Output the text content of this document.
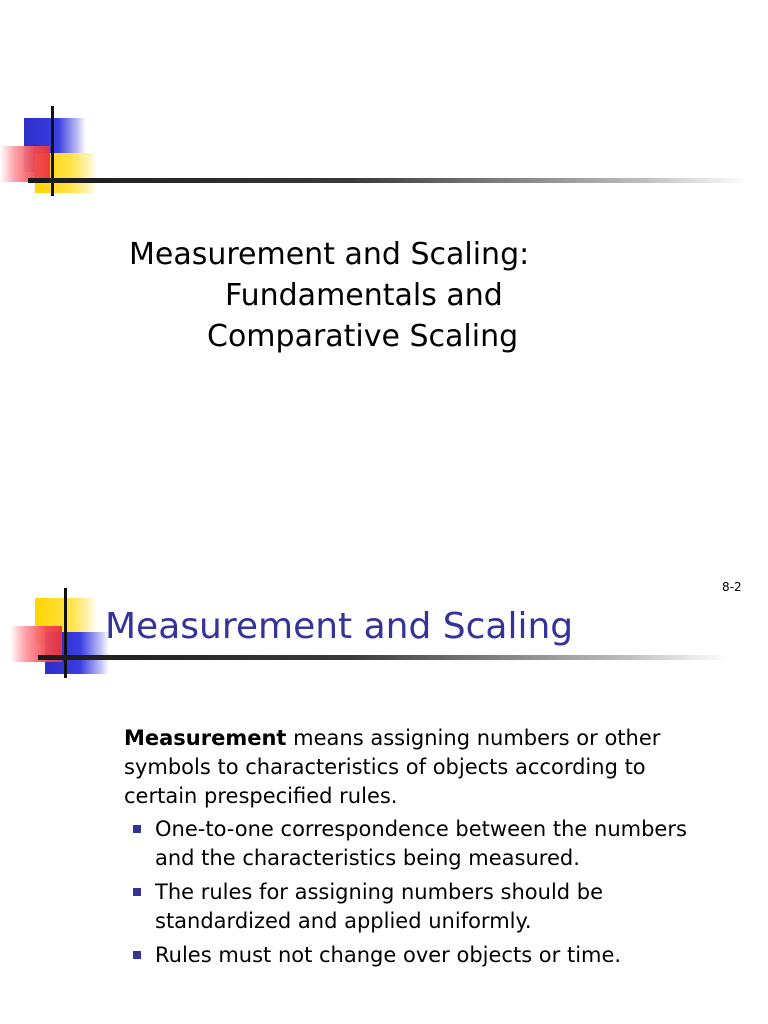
Measurement and Scaling:
Fundamentals and
Comparative Scaling
8-2
Measurement and Scaling

Measurement means assigning numbers or other symbols to characteristics of objects according to certain prespecified rules.

One-to-one correspondence between the numbers and the characteristics being measured.
The rules for assigning numbers should be standardized and applied uniformly.
Rules must not change over objects or time.
